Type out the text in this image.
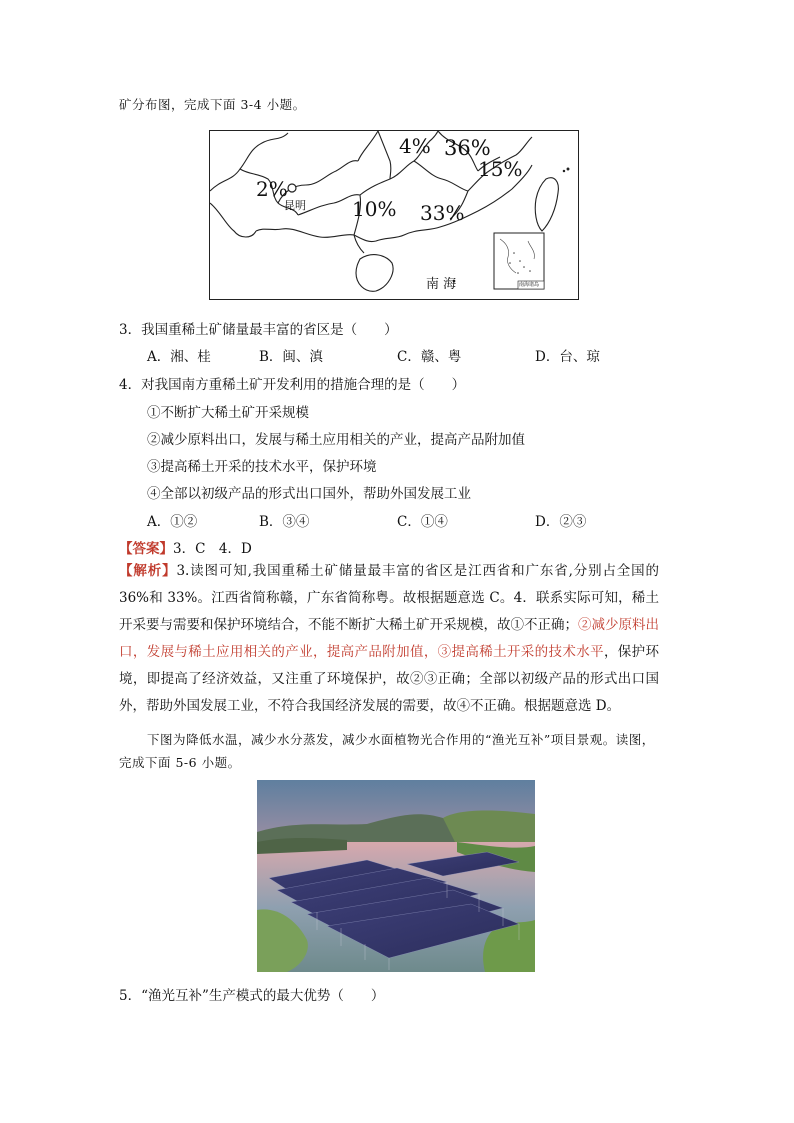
矿分布图，完成下面 3-4 小题。
2%
4% 36%
15%
10% 33%
昆明
南 海	南海诸岛
3．我国重稀土矿储量最丰富的省区是（　　）
A．湘、桂	B．闽、滇	C．赣、粤	D．台、琼
4．对我国南方重稀土矿开发利用的措施合理的是（　　）
①不断扩大稀土矿开采规模
②减少原料出口，发展与稀土应用相关的产业，提高产品附加值
③提高稀土开采的技术水平，保护环境
④全部以初级产品的形式出口国外，帮助外国发展工业
A．①②	B．③④	C．①④	D．②③
【答案】3．C　4．D
【解析】3.读图可知,我国重稀土矿储量最丰富的省区是江西省和广东省,分别占全国的 36%和 33%。江西省简称赣，广东省简称粤。故根据题意选 C。4．联系实际可知，稀土开采要与需要和保护环境结合，不能不断扩大稀土矿开采规模，故①不正确；②减少原料出口，发展与稀土应用相关的产业，提高产品附加值，③提高稀土开采的技术水平，保护环境，即提高了经济效益，又注重了环境保护，故②③正确；全部以初级产品的形式出口国外，帮助外国发展工业，不符合我国经济发展的需要，故④不正确。根据题意选 D。
下图为降低水温，减少水分蒸发，减少水面植物光合作用的“渔光互补”项目景观。读图，
完成下面 5-6 小题。
5．“渔光互补”生产模式的最大优势（　　）
